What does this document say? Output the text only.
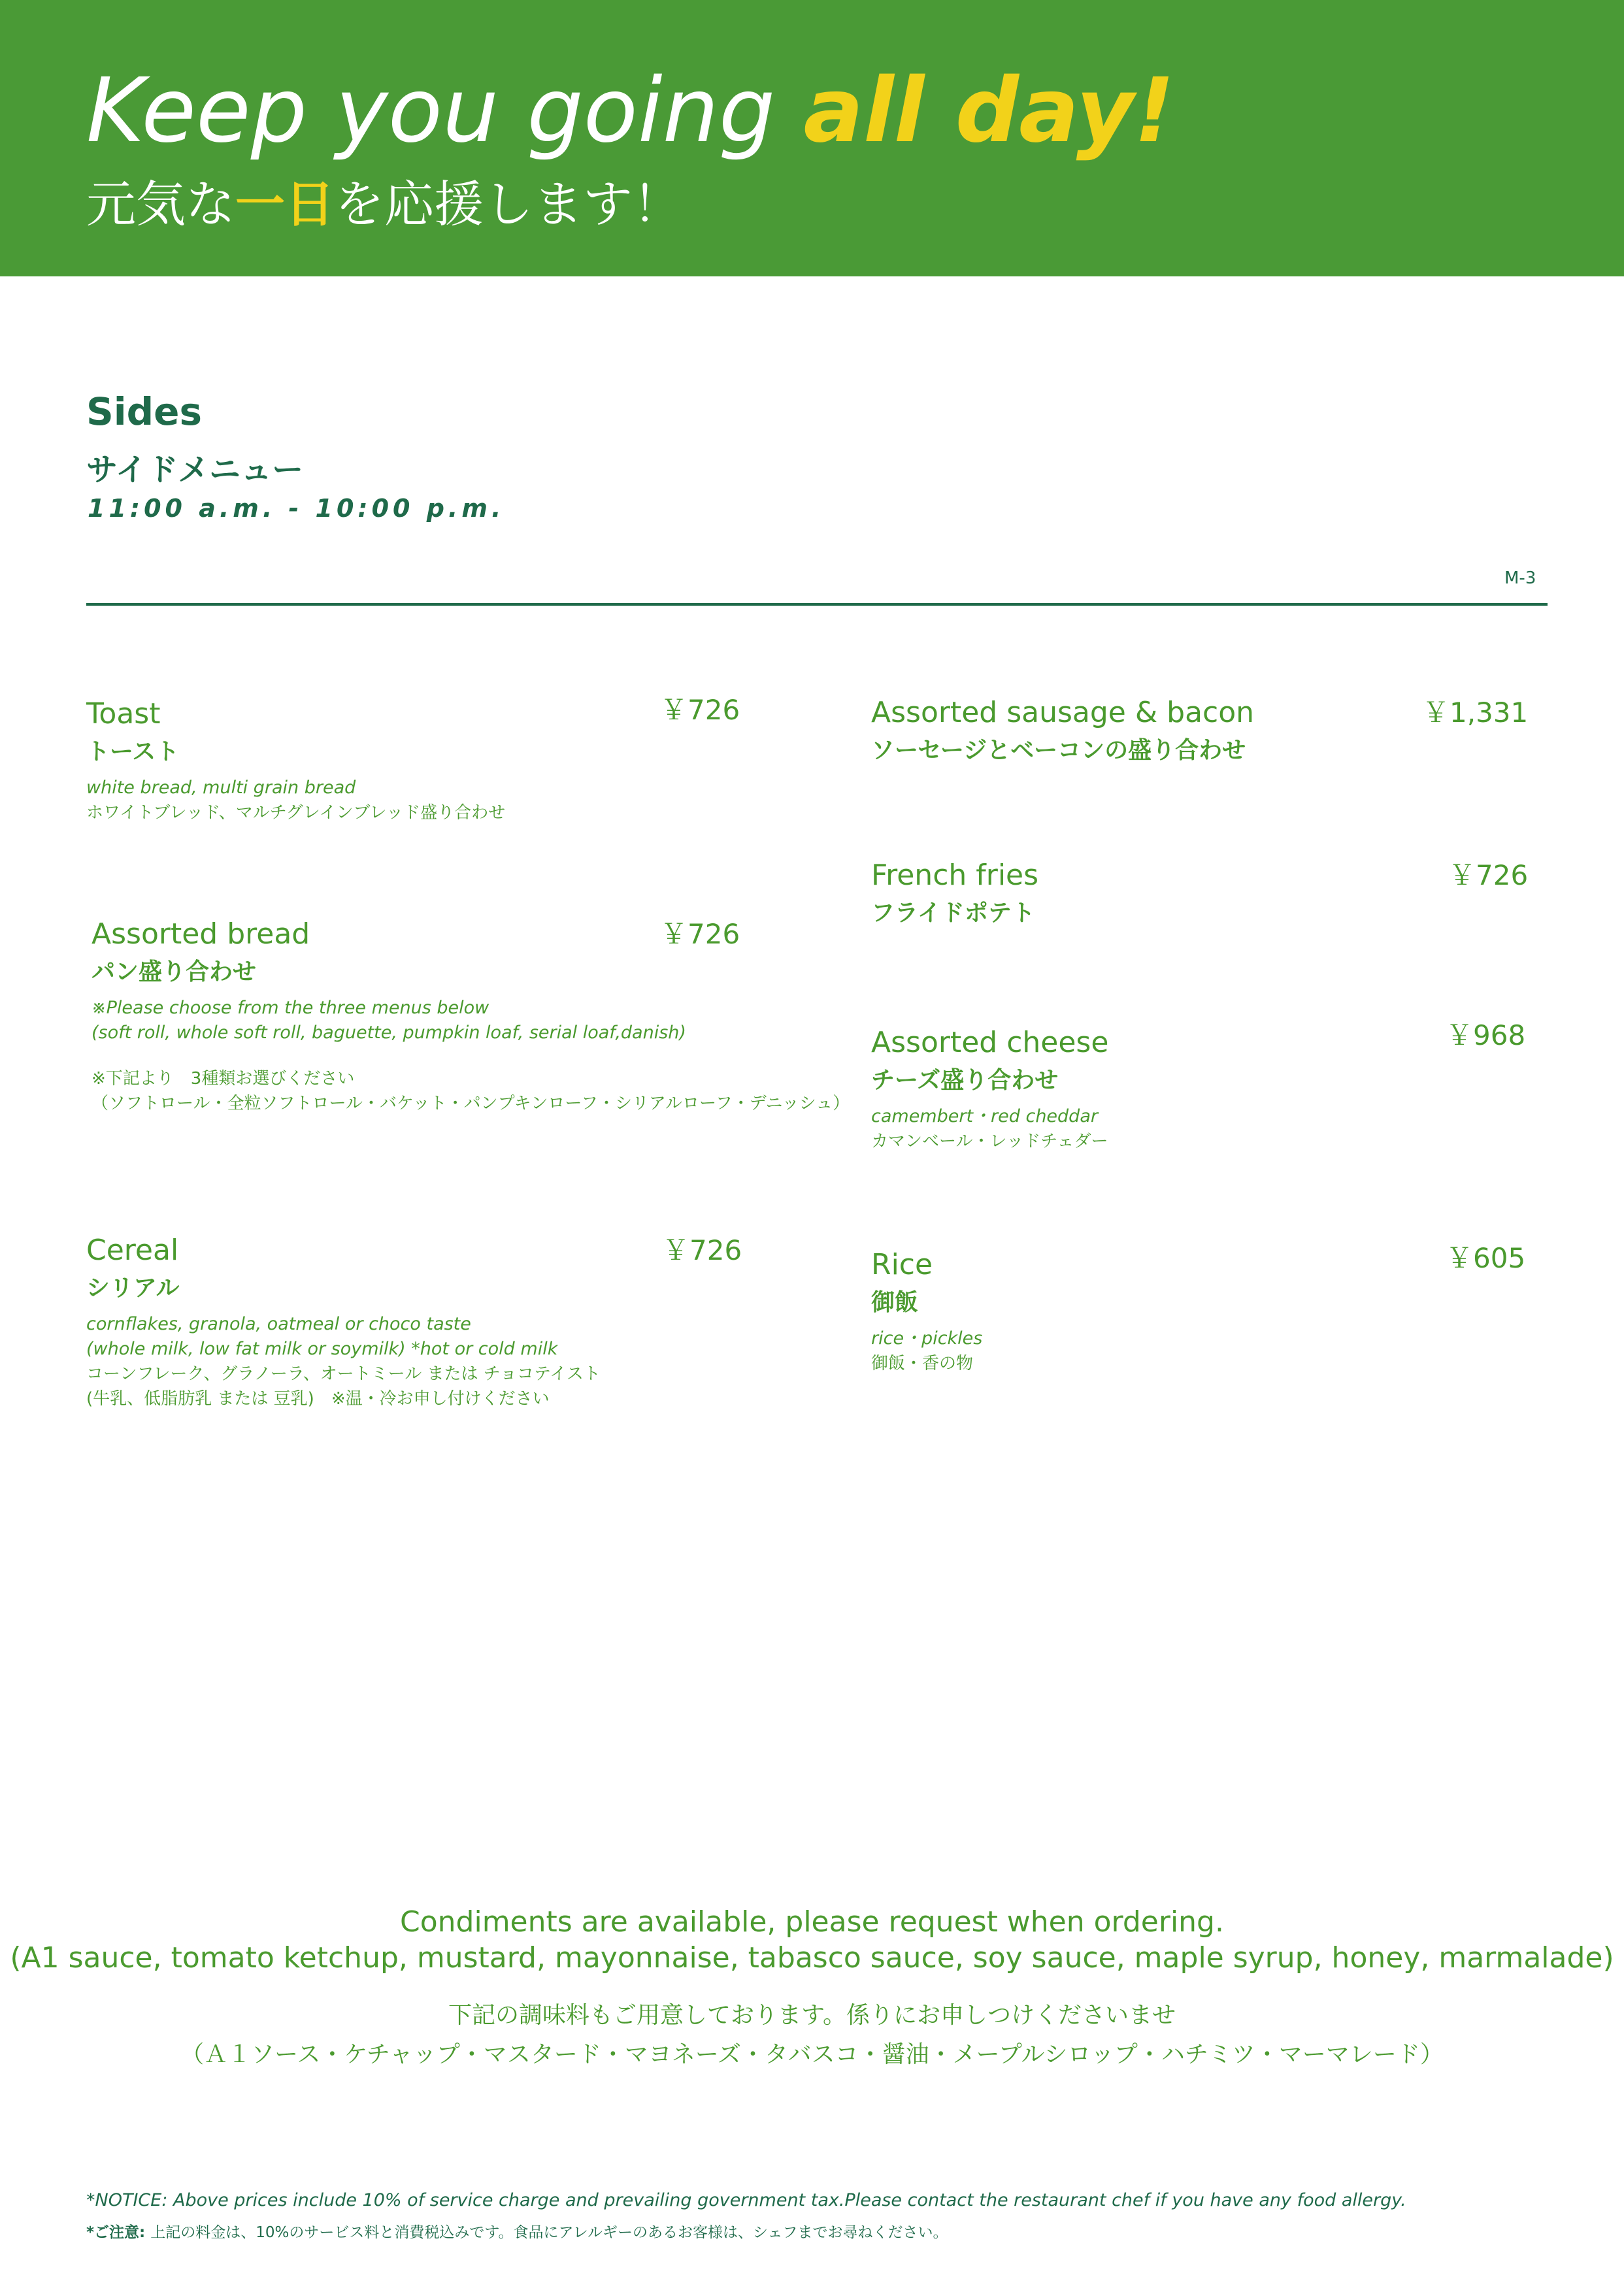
Keep you going all day!
元気な一日を応援します！
Sides
サイドメニュー
11:00 a.m. - 10:00 p.m.
M-3
Toast
トースト
white bread, multi grain bread
ホワイトブレッド、マルチグレインブレッド盛り合わせ
￥726
Assorted bread
パン盛り合わせ
※Please choose from the three menus below
(soft roll, whole soft roll, baguette, pumpkin loaf, serial loaf,danish)
※下記より　3種類お選びください
（ソフトロール・全粒ソフトロール・バケット・パンプキンローフ・シリアルローフ・デニッシュ）
￥726
Cereal
シリアル
cornflakes, granola, oatmeal or choco taste
(whole milk, low fat milk or soymilk) *hot or cold milk
コーンフレーク、グラノーラ、オートミール または チョコテイスト
(牛乳、低脂肪乳 または 豆乳)　※温・冷お申し付けください
￥726
Assorted sausage & bacon
ソーセージとベーコンの盛り合わせ
￥1,331
French fries
フライドポテト
￥726
Assorted cheese
チーズ盛り合わせ
camembert・red cheddar
カマンベール・レッドチェダー
￥968
Rice
御飯
rice・pickles
御飯・香の物
￥605
Condiments are available, please request when ordering.
(A1 sauce, tomato ketchup, mustard, mayonnaise, tabasco sauce, soy sauce, maple syrup, honey, marmalade)
下記の調味料もご用意しております。係りにお申しつけくださいませ
（Ａ１ソース・ケチャップ・マスタード・マヨネーズ・タバスコ・醤油・メープルシロップ・ハチミツ・マーマレード）
*NOTICE: Above prices include 10% of service charge and prevailing government tax.Please contact the restaurant chef if you have any food allergy.
*ご注意: 上記の料金は、10%のサービス料と消費税込みです。食品にアレルギーのあるお客様は、シェフまでお尋ねください。
